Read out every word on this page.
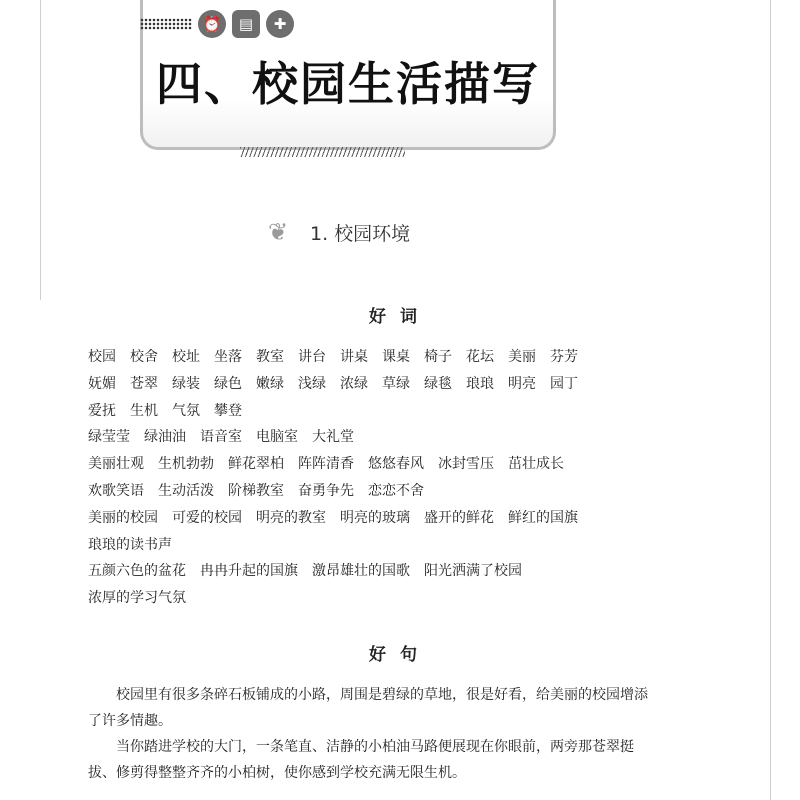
⏰	▤	✚
四、校园生活描写
❦	1. 校园环境
好词
校园 校舍 校址 坐落 教室 讲台 讲桌 课桌 椅子 花坛 美丽 芬芳
妩媚 苍翠 绿装 绿色 嫩绿 浅绿 浓绿 草绿 绿毯 琅琅 明亮 园丁
爱抚 生机 气氛 攀登
绿莹莹 绿油油 语音室 电脑室 大礼堂
美丽壮观 生机勃勃 鲜花翠柏 阵阵清香 悠悠春风 冰封雪压 茁壮成长
欢歌笑语 生动活泼 阶梯教室 奋勇争先 恋恋不舍
美丽的校园 可爱的校园 明亮的教室 明亮的玻璃 盛开的鲜花 鲜红的国旗
琅琅的读书声
五颜六色的盆花 冉冉升起的国旗 激昂雄壮的国歌 阳光洒满了校园
浓厚的学习气氛
好句

校园里有很多条碎石板铺成的小路，周围是碧绿的草地，很是好看，给美丽的校园增添了许多情趣。

当你踏进学校的大门，一条笔直、洁静的小柏油马路便展现在你眼前，两旁那苍翠挺拔、修剪得整整齐齐的小柏树，使你感到学校充满无限生机。
